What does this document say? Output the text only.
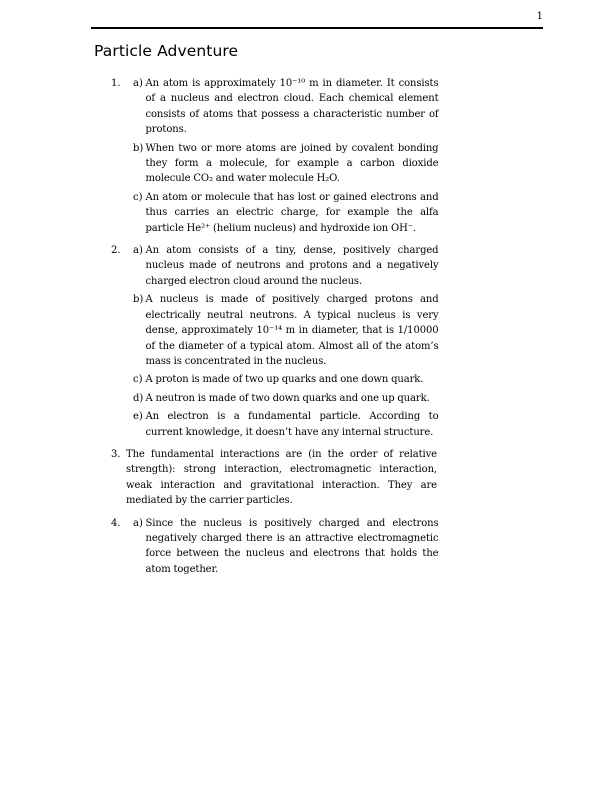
1
Particle Adventure
1.	a) An atom is approximately 10⁻¹⁰ m in diameter. It consists of a nucleus and electron cloud. Each chemical element consists of atoms that possess a characteristic number of protons.

b) When two or more atoms are joined by covalent bonding they form a molecule, for example a carbon dioxide molecule CO₂ and water molecule H₂O.

c) An atom or molecule that has lost or gained electrons and thus carries an electric charge, for example the alfa particle He²⁺ (helium nucleus) and hydroxide ion OH⁻.

2.	a) An atom consists of a tiny, dense, positively charged nucleus made of neutrons and protons and a negatively charged electron cloud around the nucleus.

b) A nucleus is made of positively charged protons and electrically neutral neutrons. A typical nucleus is very dense, approximately 10⁻¹⁴ m in diameter, that is 1/10000 of the diameter of a typical atom. Almost all of the atom’s mass is concentrated in the nucleus.

c) A proton is made of two up quarks and one down quark.

d) A neutron is made of two down quarks and one up quark.

e) An electron is a fundamental particle. According to current knowledge, it doesn’t have any internal structure.

3. The fundamental interactions are (in the order of relative strength): strong interaction, electromagnetic interaction, weak interaction and gravitational interaction. They are mediated by the carrier particles.

4.	a) Since the nucleus is positively charged and electrons negatively charged there is an attractive electromagnetic force between the nucleus and electrons that holds the atom together.
